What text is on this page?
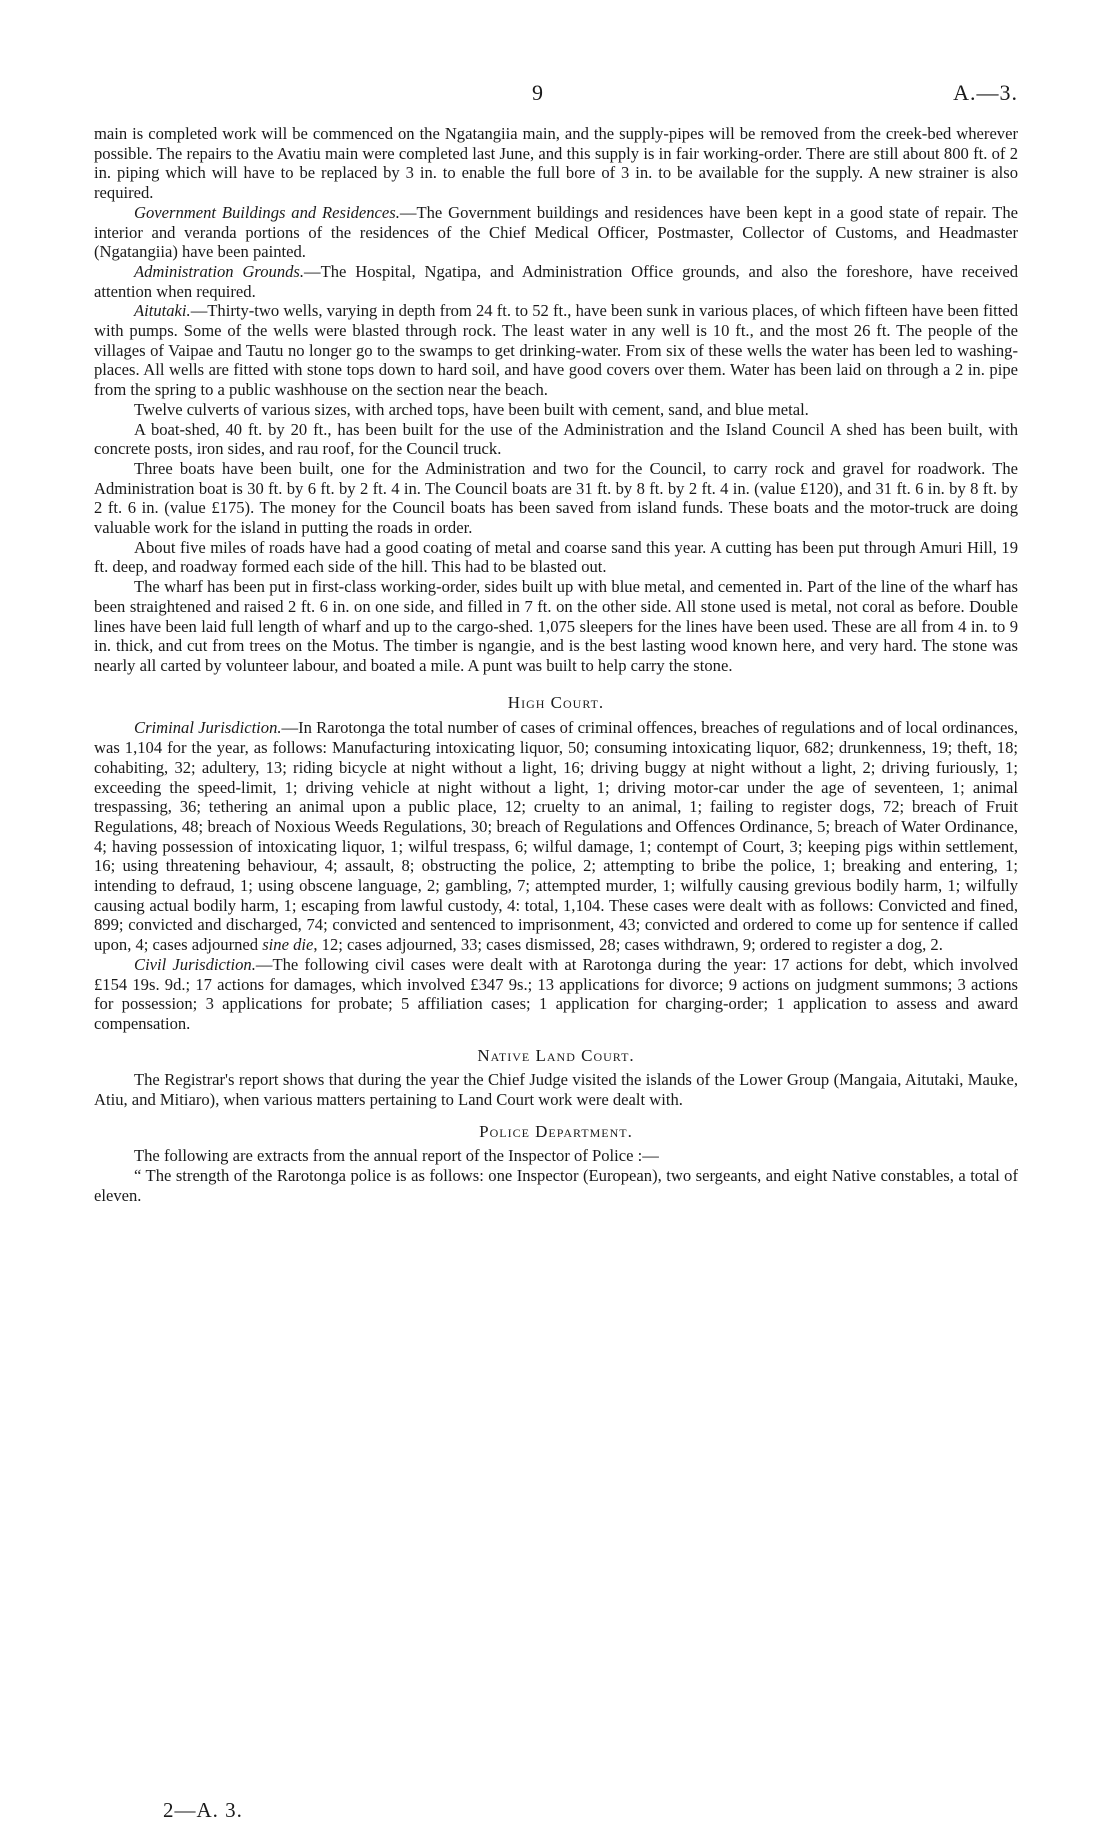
9	A.—3.

main is completed work will be commenced on the Ngatangiia main, and the supply-pipes will be removed from the creek-bed wherever possible. The repairs to the Avatiu main were completed last June, and this supply is in fair working-order. There are still about 800 ft. of 2 in. piping which will have to be replaced by 3 in. to enable the full bore of 3 in. to be available for the supply. A new strainer is also required.

Government Buildings and Residences.—The Government buildings and residences have been kept in a good state of repair. The interior and veranda portions of the residences of the Chief Medical Officer, Postmaster, Collector of Customs, and Headmaster (Ngatangiia) have been painted.

Administration Grounds.—The Hospital, Ngatipa, and Administration Office grounds, and also the foreshore, have received attention when required.

Aitutaki.—Thirty-two wells, varying in depth from 24 ft. to 52 ft., have been sunk in various places, of which fifteen have been fitted with pumps. Some of the wells were blasted through rock. The least water in any well is 10 ft., and the most 26 ft. The people of the villages of Vaipae and Tautu no longer go to the swamps to get drinking-water. From six of these wells the water has been led to washing-places. All wells are fitted with stone tops down to hard soil, and have good covers over them. Water has been laid on through a 2 in. pipe from the spring to a public washhouse on the section near the beach.

Twelve culverts of various sizes, with arched tops, have been built with cement, sand, and blue metal.

A boat-shed, 40 ft. by 20 ft., has been built for the use of the Administration and the Island Council A shed has been built, with concrete posts, iron sides, and rau roof, for the Council truck.

Three boats have been built, one for the Administration and two for the Council, to carry rock and gravel for roadwork. The Administration boat is 30 ft. by 6 ft. by 2 ft. 4 in. The Council boats are 31 ft. by 8 ft. by 2 ft. 4 in. (value £120), and 31 ft. 6 in. by 8 ft. by 2 ft. 6 in. (value £175). The money for the Council boats has been saved from island funds. These boats and the motor-truck are doing valuable work for the island in putting the roads in order.

About five miles of roads have had a good coating of metal and coarse sand this year. A cutting has been put through Amuri Hill, 19 ft. deep, and roadway formed each side of the hill. This had to be blasted out.

The wharf has been put in first-class working-order, sides built up with blue metal, and cemented in. Part of the line of the wharf has been straightened and raised 2 ft. 6 in. on one side, and filled in 7 ft. on the other side. All stone used is metal, not coral as before. Double lines have been laid full length of wharf and up to the cargo-shed. 1,075 sleepers for the lines have been used. These are all from 4 in. to 9 in. thick, and cut from trees on the Motus. The timber is ngangie, and is the best lasting wood known here, and very hard. The stone was nearly all carted by volunteer labour, and boated a mile. A punt was built to help carry the stone.

High Court.

Criminal Jurisdiction.—In Rarotonga the total number of cases of criminal offences, breaches of regulations and of local ordinances, was 1,104 for the year, as follows: Manufacturing intoxicating liquor, 50; consuming intoxicating liquor, 682; drunkenness, 19; theft, 18; cohabiting, 32; adultery, 13; riding bicycle at night without a light, 16; driving buggy at night without a light, 2; driving furiously, 1; exceeding the speed-limit, 1; driving vehicle at night without a light, 1; driving motor-car under the age of seventeen, 1; animal trespassing, 36; tethering an animal upon a public place, 12; cruelty to an animal, 1; failing to register dogs, 72; breach of Fruit Regulations, 48; breach of Noxious Weeds Regulations, 30; breach of Regulations and Offences Ordinance, 5; breach of Water Ordinance, 4; having possession of intoxicating liquor, 1; wilful trespass, 6; wilful damage, 1; contempt of Court, 3; keeping pigs within settlement, 16; using threatening behaviour, 4; assault, 8; obstructing the police, 2; attempting to bribe the police, 1; breaking and entering, 1; intending to defraud, 1; using obscene language, 2; gambling, 7; attempted murder, 1; wilfully causing grevious bodily harm, 1; wilfully causing actual bodily harm, 1; escaping from lawful custody, 4: total, 1,104. These cases were dealt with as follows: Convicted and fined, 899; convicted and discharged, 74; convicted and sentenced to imprisonment, 43; convicted and ordered to come up for sentence if called upon, 4; cases adjourned sine die, 12; cases adjourned, 33; cases dismissed, 28; cases withdrawn, 9; ordered to register a dog, 2.

Civil Jurisdiction.—The following civil cases were dealt with at Rarotonga during the year: 17 actions for debt, which involved £154 19s. 9d.; 17 actions for damages, which involved £347 9s.; 13 applications for divorce; 9 actions on judgment summons; 3 actions for possession; 3 applications for probate; 5 affiliation cases; 1 application for charging-order; 1 application to assess and award compensation.

Native Land Court.

The Registrar's report shows that during the year the Chief Judge visited the islands of the Lower Group (Mangaia, Aitutaki, Mauke, Atiu, and Mitiaro), when various matters pertaining to Land Court work were dealt with.

Police Department.

The following are extracts from the annual report of the Inspector of Police :—

“ The strength of the Rarotonga police is as follows: one Inspector (European), two sergeants, and eight Native constables, a total of eleven.

2—A. 3.
